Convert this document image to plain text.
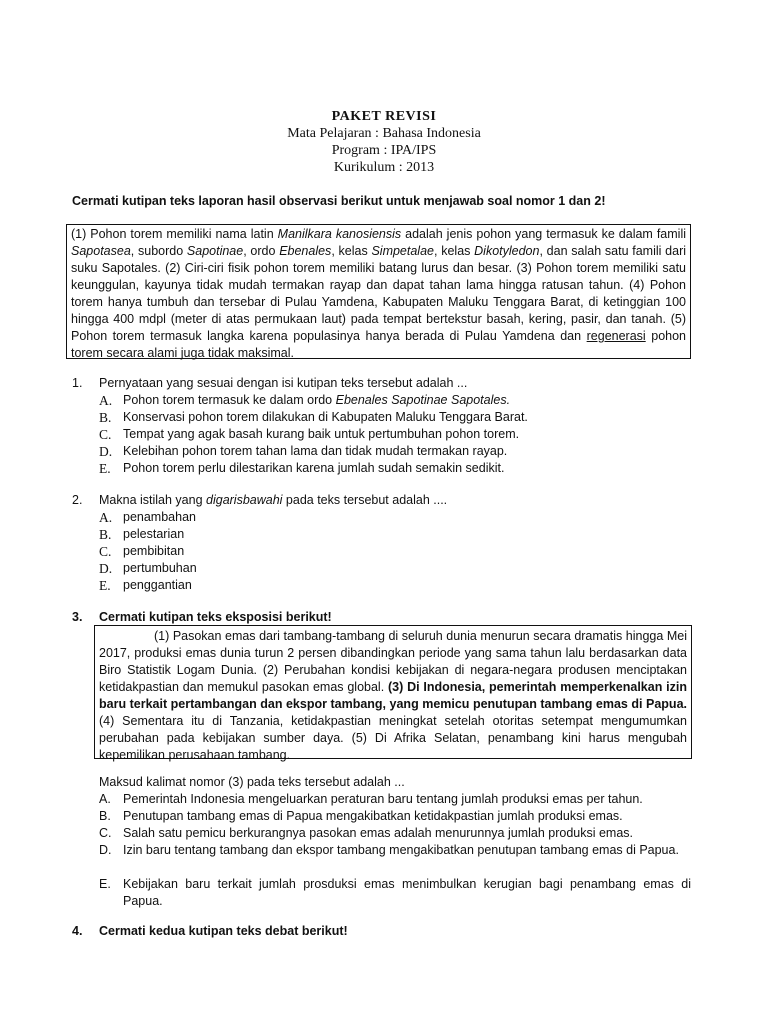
PAKET REVISI
Mata Pelajaran : Bahasa Indonesia
Program : IPA/IPS
Kurikulum : 2013
Cermati kutipan teks laporan hasil observasi berikut untuk menjawab soal nomor 1 dan 2!
(1) Pohon torem memiliki nama latin Manilkara kanosiensis adalah jenis pohon yang termasuk ke dalam famili Sapotasea, subordo Sapotinae, ordo Ebenales, kelas Simpetalae, kelas Dikotyledon, dan salah satu famili dari suku Sapotales. (2) Ciri-ciri fisik pohon torem memiliki batang lurus dan besar. (3) Pohon torem memiliki satu keunggulan, kayunya tidak mudah termakan rayap dan dapat tahan lama hingga ratusan tahun. (4) Pohon torem hanya tumbuh dan tersebar di Pulau Yamdena, Kabupaten Maluku Tenggara Barat, di ketinggian 100 hingga 400 mdpl (meter di atas permukaan laut) pada tempat bertekstur basah, kering, pasir, dan tanah. (5) Pohon torem termasuk langka karena populasinya hanya berada di Pulau Yamdena dan regenerasi pohon torem secara alami juga tidak maksimal.
1. Pernyataan yang sesuai dengan isi kutipan teks tersebut adalah ...
A. Pohon torem termasuk ke dalam ordo Ebenales Sapotinae Sapotales.
B. Konservasi pohon torem dilakukan di Kabupaten Maluku Tenggara Barat.
C. Tempat yang agak basah kurang baik untuk pertumbuhan pohon torem.
D. Kelebihan pohon torem tahan lama dan tidak mudah termakan rayap.
E. Pohon torem perlu dilestarikan karena jumlah sudah semakin sedikit.
2. Makna istilah yang digarisbawahi pada teks tersebut adalah ....
A. penambahan
B. pelestarian
C. pembibitan
D. pertumbuhan
E. penggantian
3. Cermati kutipan teks eksposisi berikut!
(1) Pasokan emas dari tambang-tambang di seluruh dunia menurun secara dramatis hingga Mei 2017, produksi emas dunia turun 2 persen dibandingkan periode yang sama tahun lalu berdasarkan data Biro Statistik Logam Dunia. (2) Perubahan kondisi kebijakan di negara-negara produsen menciptakan ketidakpastian dan memukul pasokan emas global. (3) Di Indonesia, pemerintah memperkenalkan izin baru terkait pertambangan dan ekspor tambang, yang memicu penutupan tambang emas di Papua. (4) Sementara itu di Tanzania, ketidakpastian meningkat setelah otoritas setempat mengumumkan perubahan pada kebijakan sumber daya. (5) Di Afrika Selatan, penambang kini harus mengubah kepemilikan perusahaan tambang.
Maksud kalimat nomor (3) pada teks tersebut adalah ...
A. Pemerintah Indonesia mengeluarkan peraturan baru tentang jumlah produksi emas per tahun.
B. Penutupan tambang emas di Papua mengakibatkan ketidakpastian jumlah produksi emas.
C. Salah satu pemicu berkurangnya pasokan emas adalah menurunnya jumlah produksi emas.
D. Izin baru tentang tambang dan ekspor tambang mengakibatkan penutupan tambang emas di Papua.
E. Kebijakan baru terkait jumlah prosduksi emas menimbulkan kerugian bagi penambang emas di Papua.
4. Cermati kedua kutipan teks debat berikut!
